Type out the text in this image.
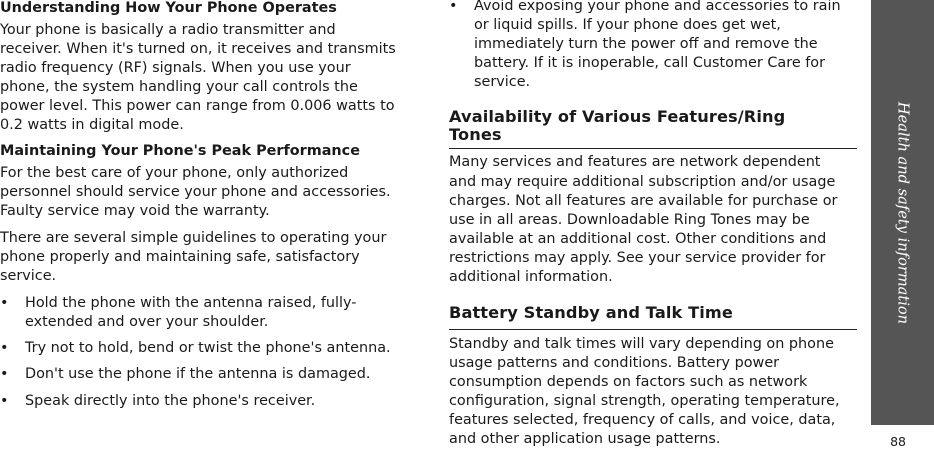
Understanding How Your Phone Operates

Your phone is basically a radio transmitter and
receiver. When it's turned on, it receives and transmits
radio frequency (RF) signals. When you use your
phone, the system handling your call controls the
power level. This power can range from 0.006 watts to
0.2 watts in digital mode.

Maintaining Your Phone's Peak Performance

For the best care of your phone, only authorized
personnel should service your phone and accessories.
Faulty service may void the warranty.

There are several simple guidelines to operating your
phone properly and maintaining safe, satisfactory
service.

• Hold the phone with the antenna raised, fully-
extended and over your shoulder.
• Try not to hold, bend or twist the phone's antenna.
• Don't use the phone if the antenna is damaged.
• Speak directly into the phone's receiver.
• Avoid exposing your phone and accessories to rain
or liquid spills. If your phone does get wet,
immediately turn the power off and remove the
battery. If it is inoperable, call Customer Care for
service.
Availability of Various Features/Ring
Tones

Many services and features are network dependent
and may require additional subscription and/or usage
charges. Not all features are available for purchase or
use in all areas. Downloadable Ring Tones may be
available at an additional cost. Other conditions and
restrictions may apply. See your service provider for
additional information.

Battery Standby and Talk Time

Standby and talk times will vary depending on phone
usage patterns and conditions. Battery power
consumption depends on factors such as network
configuration, signal strength, operating temperature,
features selected, frequency of calls, and voice, data,
and other application usage patterns.

Health and safety information
88
